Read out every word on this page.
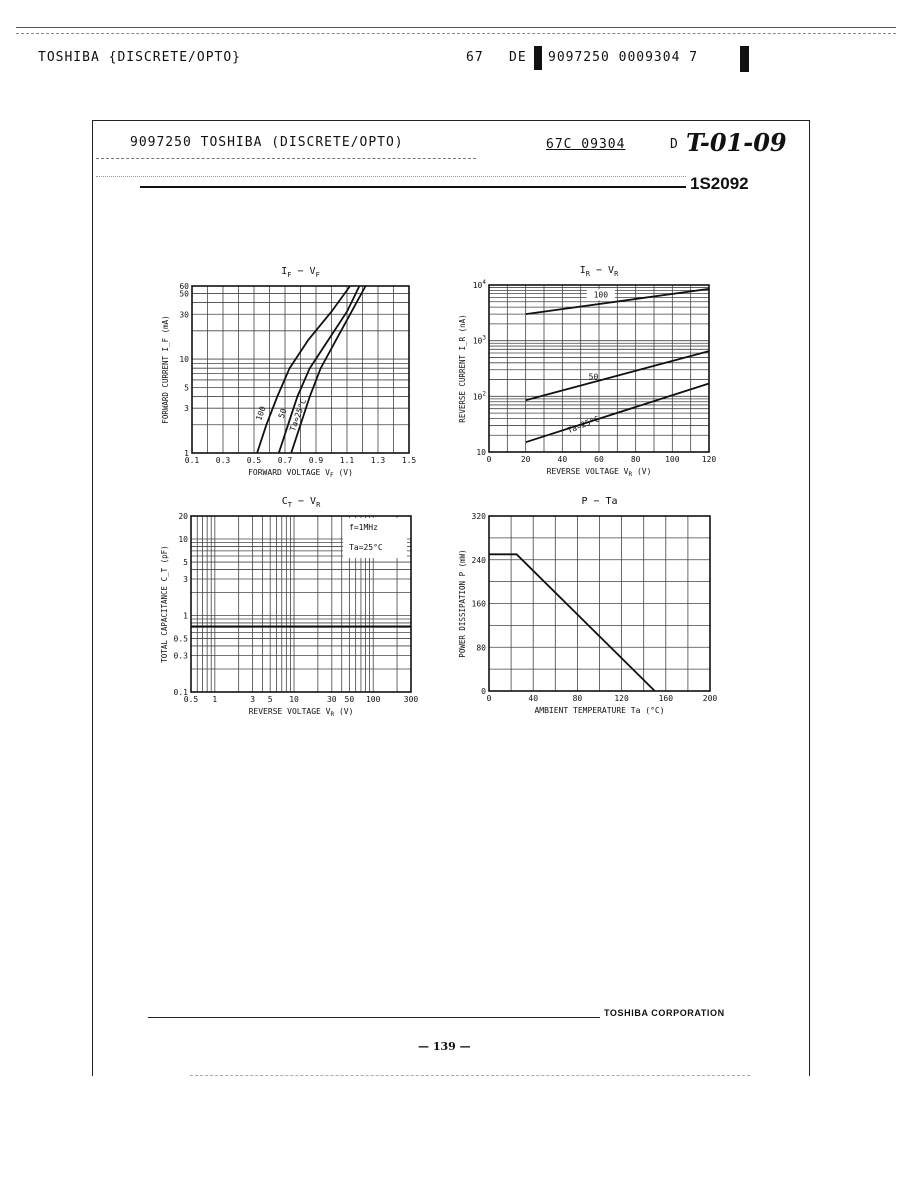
TOSHIBA {DISCRETE/OPTO}	67 DE 9097250 0009304 7
9097250 TOSHIBA (DISCRETE/OPTO)	67C 09304	D T-01-09
1S2092
0.1 0.3 0.5 0.7 0.9 1.1 1.3 1.5
1
3
5
10
30
50
60
$I_F - V_F$
FORWARD VOLTAGE $V_F$ (V)
FORWARD CURRENT I_F (mA)	100 50 Ta=25°C
0	20	40	60	80	100	120
10
$10^2$
$10^3$
$10^4$
$I_R - V_R$
REVERSE VOLTAGE $V_R$ (V)
REVERSE CURRENT I_R (nA)
100
50
Ta=25°C
0.5 1	3 5 10	30 50 100	300
0.1
0.3
0.5
1
3
5
10
20
$C_T - V_R$
REVERSE VOLTAGE $V_R$ (V)
TOTAL CAPACITANCE C_T (pF)
f=1MHz
Ta=25°C
0	40	80	120	160	200
0
80
160
240
320
P − Ta
AMBIENT TEMPERATURE Ta (°C)
POWER DISSIPATION P (mW)
TOSHIBA CORPORATION
— 139 —
